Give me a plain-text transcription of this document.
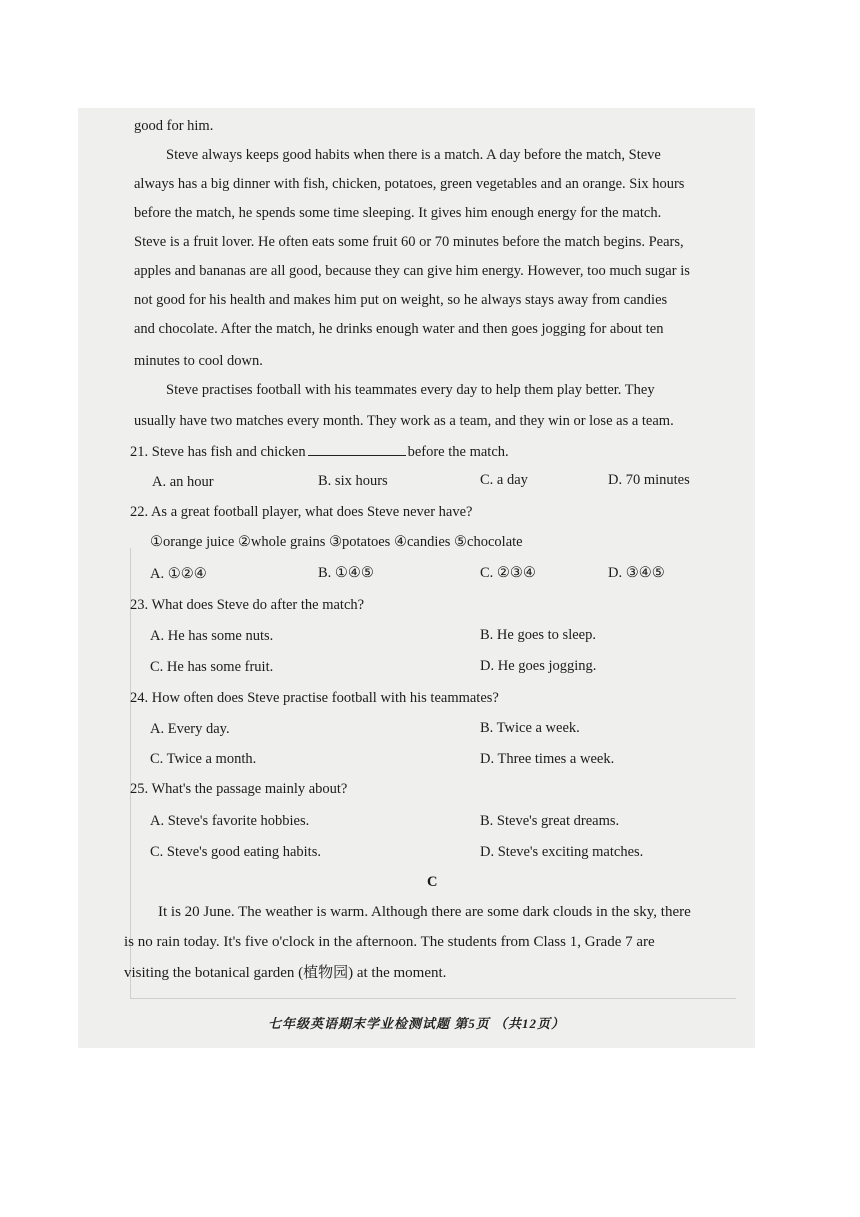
good for him.
Steve always keeps good habits when there is a match. A day before the match, Steve
always has a big dinner with fish, chicken, potatoes, green vegetables and an orange. Six hours
before the match, he spends some time sleeping. It gives him enough energy for the match.
Steve is a fruit lover. He often eats some fruit 60 or 70 minutes before the match begins. Pears,
apples and bananas are all good, because they can give him energy. However, too much sugar is
not good for his health and makes him put on weight, so he always stays away from candies
and chocolate. After the match, he drinks enough water and then goes jogging for about ten
minutes to cool down.
Steve practises football with his teammates every day to help them play better. They
usually have two matches every month. They work as a team, and they win or lose as a team.
21. Steve has fish and chicken	before the match.
A. an hour	B. six hours	C. a day	D. 70 minutes
22. As a great football player, what does Steve never have?
①orange juice ②whole grains ③potatoes ④candies ⑤chocolate
A. ①②④	B. ①④⑤	C. ②③④	D. ③④⑤
23. What does Steve do after the match?
A. He has some nuts.	B. He goes to sleep.
C. He has some fruit.	D. He goes jogging.
24. How often does Steve practise football with his teammates?
A. Every day.	B. Twice a week.
C. Twice a month.	D. Three times a week.
25. What's the passage mainly about?
A. Steve's favorite hobbies.	B. Steve's great dreams.
C. Steve's good eating habits.	D. Steve's exciting matches.
C
It is 20 June. The weather is warm. Although there are some dark clouds in the sky, there
is no rain today. It's five o'clock in the afternoon. The students from Class 1, Grade 7 are
visiting the botanical garden (植物园) at the moment.
七年级英语期末学业检测试题 第5页 （共12页）
